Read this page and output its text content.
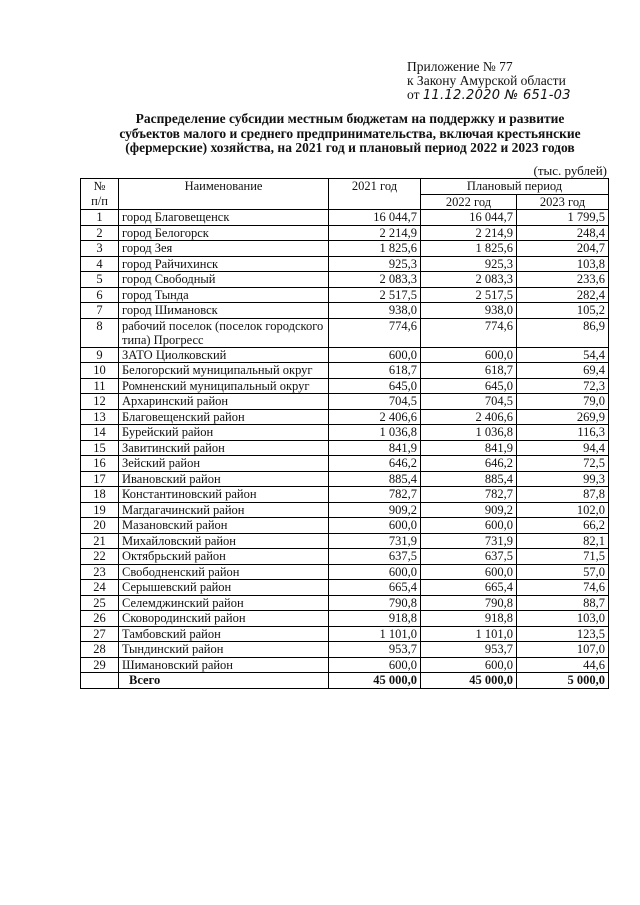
Приложение № 77
к Закону Амурской области
от 11.12.2020 № 651-03
Распределение субсидии местным бюджетам на поддержку и развитие
субъектов малого и среднего предпринимательства, включая крестьянские
(фермерские) хозяйства, на 2021 год и плановый период 2022 и 2023 годов
(тыс. рублей)
№	Наименование	2021 год	Плановый период	
п/п			2022 год	2023 год
1	город Благовещенск	16 044,7	16 044,7	1 799,5
2	город Белогорск	2 214,9	2 214,9	248,4
3	город Зея	1 825,6	1 825,6	204,7
4	город Райчихинск	925,3	925,3	103,8
5	город Свободный	2 083,3	2 083,3	233,6
6	город Тында	2 517,5	2 517,5	282,4
7	город Шимановск	938,0	938,0	105,2
8	рабочий поселок (поселок городского типа) Прогресс	774,6	774,6	86,9
9	ЗАТО Циолковский	600,0	600,0	54,4
10	Белогорский муниципальный округ	618,7	618,7	69,4
11	Ромненский муниципальный округ	645,0	645,0	72,3
12	Архаринский район	704,5	704,5	79,0
13	Благовещенский район	2 406,6	2 406,6	269,9
14	Бурейский район	1 036,8	1 036,8	116,3
15	Завитинский район	841,9	841,9	94,4
16	Зейский район	646,2	646,2	72,5
17	Ивановский район	885,4	885,4	99,3
18	Константиновский район	782,7	782,7	87,8
19	Магдагачинский район	909,2	909,2	102,0
20	Мазановский район	600,0	600,0	66,2
21	Михайловский район	731,9	731,9	82,1
22	Октябрьский район	637,5	637,5	71,5
23	Свободненский район	600,0	600,0	57,0
24	Серышевский район	665,4	665,4	74,6
25	Селемджинский район	790,8	790,8	88,7
26	Сковородинский район	918,8	918,8	103,0
27	Тамбовский район	1 101,0	1 101,0	123,5
28	Тындинский район	953,7	953,7	107,0
29	Шимановский район	600,0	600,0	44,6
	Всего	45 000,0	45 000,0	5 000,0
